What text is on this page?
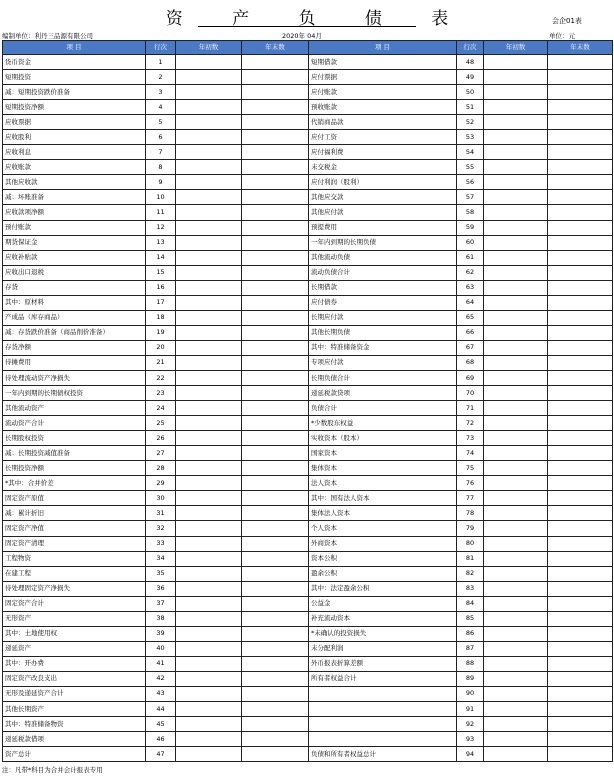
资 产 负 债 表	会企01表
编制单位：利丹三品源有限公司	2020年 04月	单位：元
项 目	行次	年初数	年末数	项 目	行次	年初数	年末数
货币资金	1			短期借款	48		
短期投资	2			应付票据	49		
减：短期投资跌价准备	3			应付账款	50		
短期投资净额	4			预收账款	51		
应收票据	5			代销商品款	52		
应收股利	6			应付工资	53		
应收利息	7			应付福利费	54		
应收账款	8			未交税金	55		
其他应收款	9			应付利润（股利）	56		
减：坏账准备	10			其他应交款	57		
应收款项净额	11			其他应付款	58		
预付账款	12			预提费用	59		
期货保证金	13			一年内到期的长期负债	60		
应收补贴款	14			其他流动负债	61		
应收出口退税	15			流动负债合计	62		
存货	16			长期借款	63		
其中：原材料	17			应付债券	64		
产成品（库存商品）	18			长期应付款	65		
减：存货跌价准备（商品削价准备）	19			其他长期负债	66		
存货净额	20			其中：特准储备资金	67		
待摊费用	21			专项应付款	68		
待处理流动资产净损失	22			长期负债合计	69		
一年内到期的长期债权投资	23			递延税款贷项	70		
其他流动资产	24			负债合计	71		
流动资产合计	25			*少数股东权益	72		
长期股权投资	26			实收资本（股本）	73		
减：长期投资减值准备	27			国家资本	74		
长期投资净额	28			集体资本	75		
*其中：合并价差	29			法人资本	76		
固定资产原值	30			其中：国有法人资本	77		
减：累计折旧	31			集体法人资本	78		
固定资产净值	32			个人资本	79		
固定资产清理	33			外商资本	80		
工程物资	34			资本公积	81		
在建工程	35			盈余公积	82		
待处理固定资产净损失	36			其中：法定盈余公积	83		
固定资产合计	37			公益金	84		
无形资产	38			补充流动资本	85		
其中：土地使用权	39			*未确认的投资损失	86		
递延资产	40			未分配利润	87		
其中：开办费	41			外币报表折算差额	88		
固定资产改良支出	42			所有者权益合计	89		
无形及递延资产合计	43				90		
其他长期资产	44				91		
其中：特准储备物资	45				92		
递延税款借项	46				93		
资产总计	47			负债和所有者权益总计	94		
注：凡带*科目为合并会计报表专用
